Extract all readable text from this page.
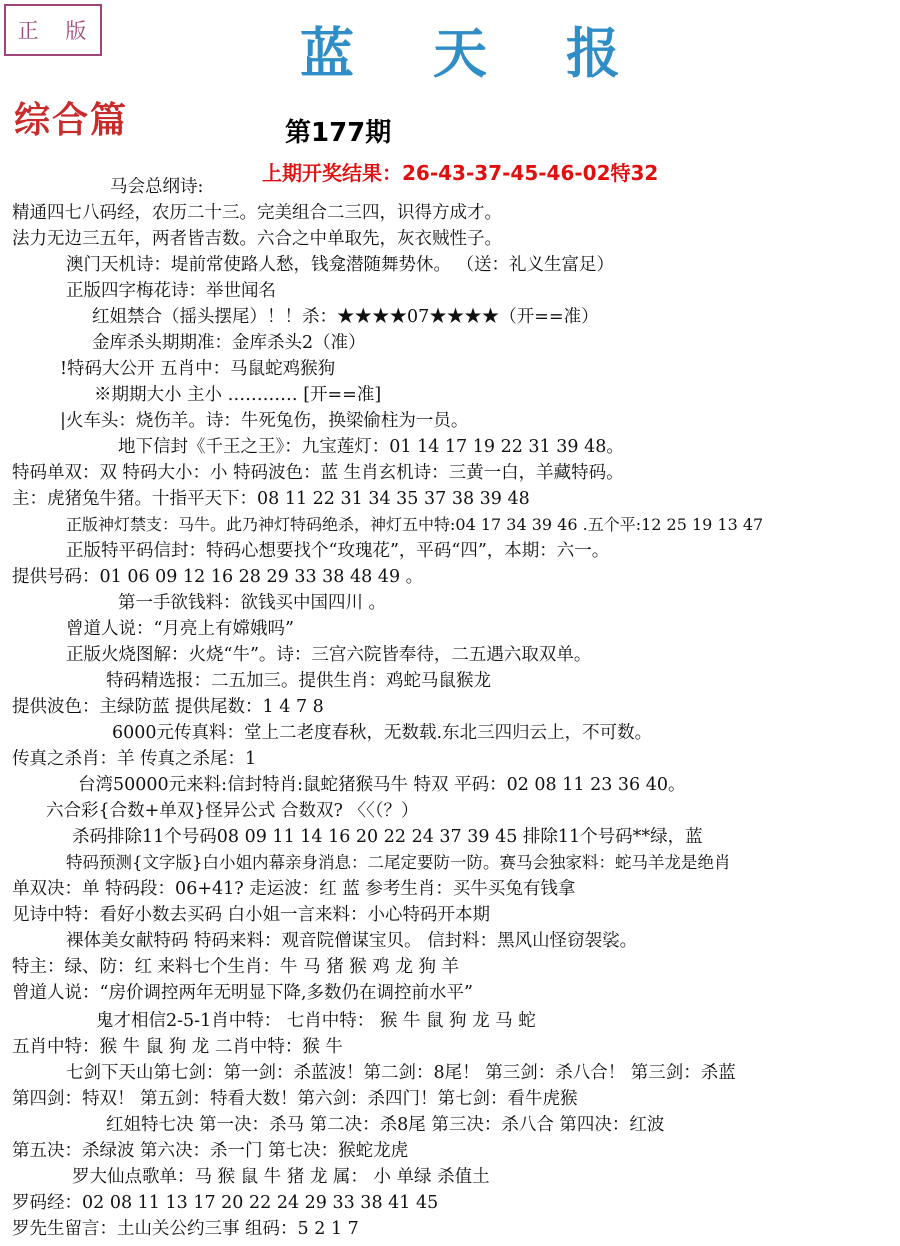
正 版	蓝 天 报
综合篇	第177期
上期开奖结果：26-43-37-45-46-02特32
马会总纲诗:
精通四七八码经，农历二十三。完美组合二三四，识得方成才。
法力无边三五年，两者皆吉数。六合之中单取先，灰衣贼性子。
澳门天机诗：堤前常使路人愁，钱龛潜随舞势休。 （送：礼义生富足）
正版四字梅花诗：举世闻名
红姐禁合（摇头摆尾）！！杀：★★★★07★★★★（开==准）
金库杀头期期准：金库杀头2（准）
!特码大公开 五肖中：马鼠蛇鸡猴狗
※期期大小 主小 ………… [开==准]
|火车头：烧伤羊。诗：牛死兔伤，换梁偷柱为一员。
地下信封《千王之王》：九宝莲灯：01 14 17 19 22 31 39 48。
特码单双：双 特码大小：小 特码波色：蓝 生肖玄机诗：三黄一白，羊藏特码。
主：虎猪兔牛猪。十指平天下：08 11 22 31 34 35 37 38 39 48
正版神灯禁支：马牛。此乃神灯特码绝杀，神灯五中特:04 17 34 39 46 .五个平:12 25 19 13 47
正版特平码信封：特码心想要找个“玫瑰花”，平码“四”，本期：六一。
提供号码：01 06 09 12 16 28 29 33 38 48 49 。
第一手欲钱料：欲钱买中国四川 。
曾道人说：“月亮上有嫦娥吗”
正版火烧图解：火烧“牛”。诗：三宫六院皆奉待，二五遇六取双单。
特码精选报：二五加三。提供生肖：鸡蛇马鼠猴龙
提供波色：主绿防蓝 提供尾数：1 4 7 8
6000元传真料：堂上二老度春秋，无数载.东北三四归云上，不可数。
传真之杀肖：羊 传真之杀尾：1
台湾50000元来料:信封特肖:鼠蛇猪猴马牛 特双 平码：02 08 11 23 36 40。
六合彩{合数+单双}怪异公式 合数双? 〈〈（？）
杀码排除11个号码08 09 11 14 16 20 22 24 37 39 45 排除11个号码**绿，蓝
特码预测{文字版}白小姐内幕亲身消息：二尾定要防一防。赛马会独家料：蛇马羊龙是绝肖
单双决：单 特码段：06+41? 走运波：红 蓝 参考生肖：买牛买兔有钱拿
见诗中特：看好小数去买码 白小姐一言来料：小心特码开本期
裸体美女献特码 特码来料：观音院僧谋宝贝。 信封料：黑风山怪窃袈裟。
特主：绿、防：红 来料七个生肖：牛 马 猪 猴 鸡 龙 狗 羊
曾道人说：“房价调控两年无明显下降,多数仍在调控前水平”
鬼才相信2-5-1肖中特： 七肖中特： 猴 牛 鼠 狗 龙 马 蛇
五肖中特：猴 牛 鼠 狗 龙 二肖中特：猴 牛
七剑下天山第七剑：第一剑：杀蓝波！第二剑：8尾！ 第三剑：杀八合！ 第三剑：杀蓝
第四剑：特双！ 第五剑：特看大数！第六剑：杀四门！第七剑：看牛虎猴
红姐特七决 第一决：杀马 第二决：杀8尾 第三决：杀八合 第四决：红波
第五决：杀绿波 第六决：杀一门 第七决：猴蛇龙虎
罗大仙点歌单：马 猴 鼠 牛 猪 龙 属： 小 单绿 杀值土
罗码经：02 08 11 13 17 20 22 24 29 33 38 41 45
罗先生留言：土山关公约三事 组码：5 2 1 7
